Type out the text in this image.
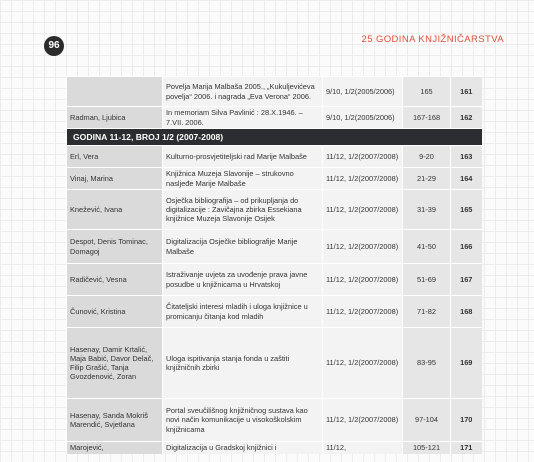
96
25 GODINA KNJIŽNIČARSTVA
	Povelja Marija Malbaša 2005., „Kukuljevićeva povelja“ 2006. i nagrada „Eva Verona“ 2006.	9/10, 1/2(2005/2006)	165	161
Radman, Ljubica	In memoriam Silva Pavlinić : 28.X.1946. – 7.VII. 2006.	9/10, 1/2(2005/2006)	167-168	162
GODINA 11-12, BROJ 1/2 (2007-2008)				
Erl, Vera	Kulturno-prosvjetiteljski rad Marije Malbaše	11/12, 1/2(2007/2008)	9-20	163
Vinaj, Marina	Knjižnica Muzeja Slavonije – strukovno nasljeđe Marije Malbaše	11/12, 1/2(2007/2008)	21-29	164
Knežević, Ivana	Osječka bibliografija – od prikupljanja do digitalizacije : Zavičajna zbirka Essekiana knjižnice Muzeja Slavonije Osijek	11/12, 1/2(2007/2008)	31-39	165
Despot, Denis Tominac, Domagoj	Digitalizacija Osječke bibliografije Marije Malbaše	11/12, 1/2(2007/2008)	41-50	166
Radičević, Vesna	Istraživanje uvjeta za uvođenje prava javne posudbe u knjižnicama u Hrvatskoj	11/12, 1/2(2007/2008)	51-69	167
Čunović, Kristina	Čitateljski interesi mladih i uloga knjižnice u promicanju čitanja kod mladih	11/12, 1/2(2007/2008)	71-82	168
Hasenay, Damir Krtalić, Maja Babić, Davor Delač, Filip Grašić, Tanja Gvozdenović, Zoran	Uloga ispitivanja stanja fonda u zaštiti knjižničnih zbirki	11/12, 1/2(2007/2008)	83-95	169
Hasenay, Sanda Mokriš Marendić, Svjetlana	Portal sveučilišnog knjižničnog sustava kao novi način komunikacije u visokoškolskim knjižnicama	11/12, 1/2(2007/2008)	97-104	170
Marojević,	Digitalizacija u Gradskoj knjižnici i	11/12,	105-121	171
